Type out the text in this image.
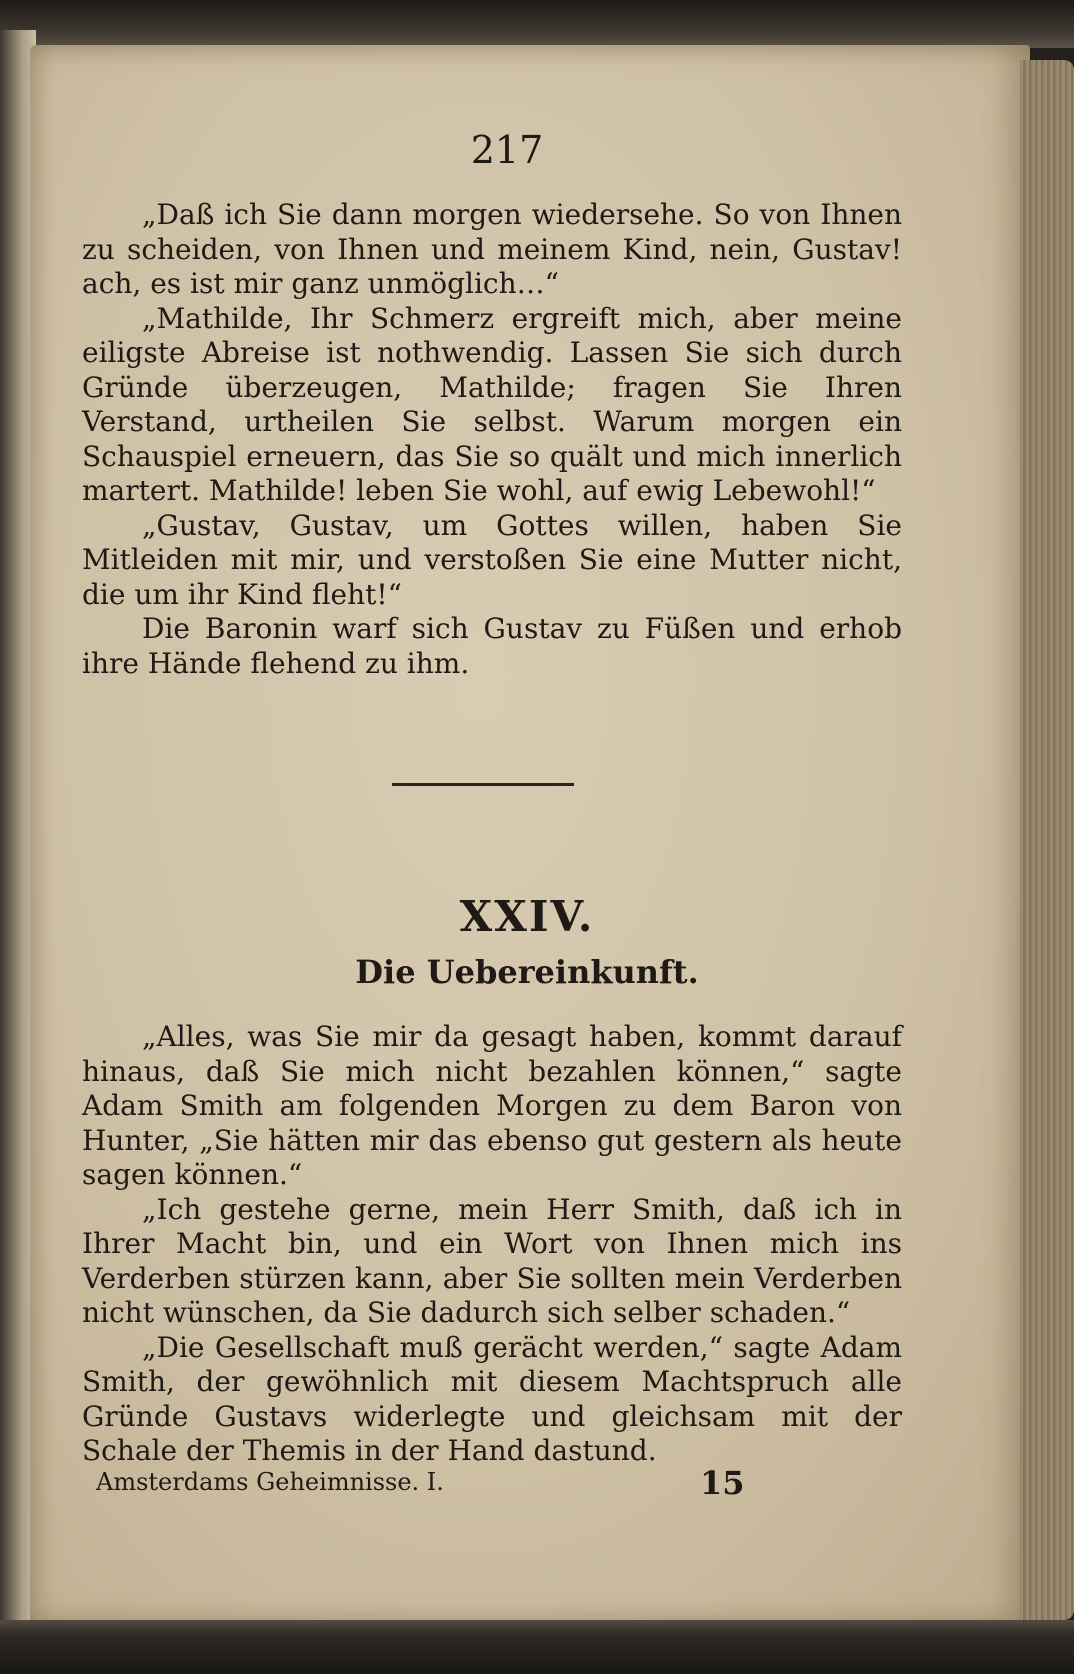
217

„Daß ich Sie dann morgen wiedersehe. So von Ihnen zu scheiden, von Ihnen und meinem Kind, nein, Gustav! ach, es ist mir ganz unmöglich…“

„Mathilde, Ihr Schmerz ergreift mich, aber meine eiligste Abreise ist nothwendig. Lassen Sie sich durch Gründe überzeugen, Mathilde; fragen Sie Ihren Verstand, urtheilen Sie selbst. Warum morgen ein Schauspiel erneuern, das Sie so quält und mich innerlich martert. Mathilde! leben Sie wohl, auf ewig Lebewohl!“

„Gustav, Gustav, um Gottes willen, haben Sie Mitleiden mit mir, und verstoßen Sie eine Mutter nicht, die um ihr Kind fleht!“

Die Baronin warf sich Gustav zu Füßen und erhob ihre Hände flehend zu ihm.

XXIV.
Die Uebereinkunft.

„Alles, was Sie mir da gesagt haben, kommt darauf hinaus, daß Sie mich nicht bezahlen können,“ sagte Adam Smith am folgenden Morgen zu dem Baron von Hunter, „Sie hätten mir das ebenso gut gestern als heute sagen können.“

„Ich gestehe gerne, mein Herr Smith, daß ich in Ihrer Macht bin, und ein Wort von Ihnen mich ins Verderben stürzen kann, aber Sie sollten mein Verderben nicht wünschen, da Sie dadurch sich selber schaden.“

„Die Gesellschaft muß gerächt werden,“ sagte Adam Smith, der gewöhnlich mit diesem Machtspruch alle Gründe Gustavs widerlegte und gleichsam mit der Schale der Themis in der Hand dastund.

Amsterdams Geheimnisse. I.	15
